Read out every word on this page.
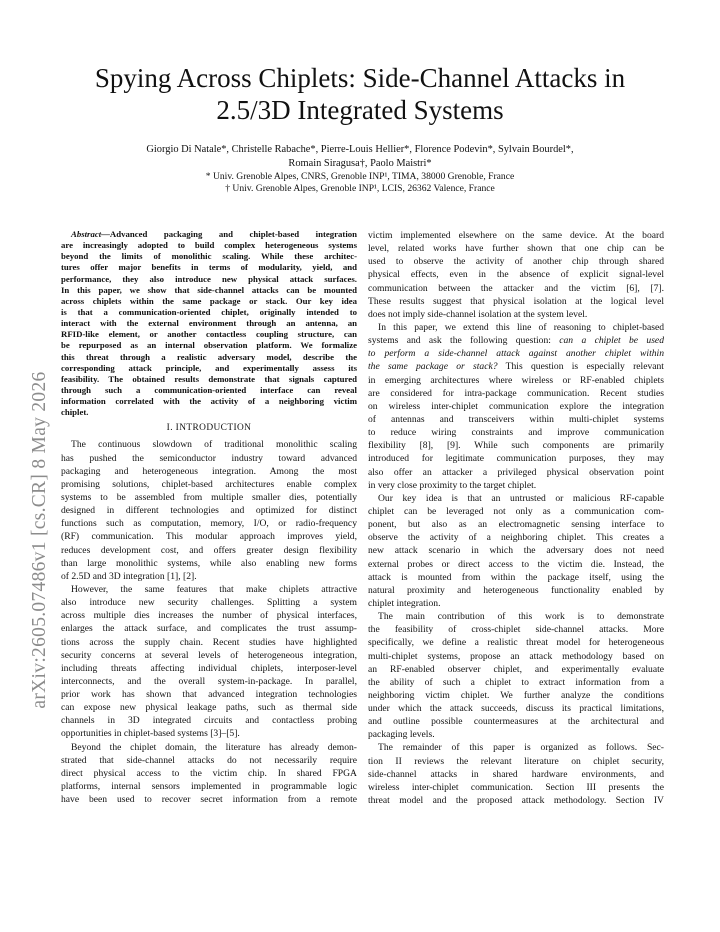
arXiv:2605.07486v1 [cs.CR] 8 May 2026
Spying Across Chiplets: Side-Channel Attacks in
2.5/3D Integrated Systems
Giorgio Di Natale*, Christelle Rabache*, Pierre-Louis Hellier*, Florence Podevin*, Sylvain Bourdel*,
Romain Siragusa†, Paolo Maistri*
* Univ. Grenoble Alpes, CNRS, Grenoble INP¹, TIMA, 38000 Grenoble, France
† Univ. Grenoble Alpes, Grenoble INP¹, LCIS, 26362 Valence, France
Abstract—Advanced packaging and chiplet-based integration
are increasingly adopted to build complex heterogeneous systems
beyond the limits of monolithic scaling. While these architec-
tures offer major benefits in terms of modularity, yield, and
performance, they also introduce new physical attack surfaces.
In this paper, we show that side-channel attacks can be mounted
across chiplets within the same package or stack. Our key idea
is that a communication-oriented chiplet, originally intended to
interact with the external environment through an antenna, an
RFID-like element, or another contactless coupling structure, can
be repurposed as an internal observation platform. We formalize
this threat through a realistic adversary model, describe the
corresponding attack principle, and experimentally assess its
feasibility. The obtained results demonstrate that signals captured
through such a communication-oriented interface can reveal
information correlated with the activity of a neighboring victim
chiplet.
I. INTRODUCTION
The continuous slowdown of traditional monolithic scaling
has pushed the semiconductor industry toward advanced
packaging and heterogeneous integration. Among the most
promising solutions, chiplet-based architectures enable complex
systems to be assembled from multiple smaller dies, potentially
designed in different technologies and optimized for distinct
functions such as computation, memory, I/O, or radio-frequency
(RF) communication. This modular approach improves yield,
reduces development cost, and offers greater design flexibility
than large monolithic systems, while also enabling new forms
of 2.5D and 3D integration [1], [2].
However, the same features that make chiplets attractive
also introduce new security challenges. Splitting a system
across multiple dies increases the number of physical interfaces,
enlarges the attack surface, and complicates the trust assump-
tions across the supply chain. Recent studies have highlighted
security concerns at several levels of heterogeneous integration,
including threats affecting individual chiplets, interposer-level
interconnects, and the overall system-in-package. In parallel,
prior work has shown that advanced integration technologies
can expose new physical leakage paths, such as thermal side
channels in 3D integrated circuits and contactless probing
opportunities in chiplet-based systems [3]–[5].
Beyond the chiplet domain, the literature has already demon-
strated that side-channel attacks do not necessarily require
direct physical access to the victim chip. In shared FPGA
platforms, internal sensors implemented in programmable logic
have been used to recover secret information from a remote
victim implemented elsewhere on the same device. At the board
level, related works have further shown that one chip can be
used to observe the activity of another chip through shared
physical effects, even in the absence of explicit signal-level
communication between the attacker and the victim [6], [7].
These results suggest that physical isolation at the logical level
does not imply side-channel isolation at the system level.
In this paper, we extend this line of reasoning to chiplet-based
systems and ask the following question: can a chiplet be used
to perform a side-channel attack against another chiplet within
the same package or stack? This question is especially relevant
in emerging architectures where wireless or RF-enabled chiplets
are considered for intra-package communication. Recent studies
on wireless inter-chiplet communication explore the integration
of antennas and transceivers within multi-chiplet systems
to reduce wiring constraints and improve communication
flexibility [8], [9]. While such components are primarily
introduced for legitimate communication purposes, they may
also offer an attacker a privileged physical observation point
in very close proximity to the target chiplet.
Our key idea is that an untrusted or malicious RF-capable
chiplet can be leveraged not only as a communication com-
ponent, but also as an electromagnetic sensing interface to
observe the activity of a neighboring chiplet. This creates a
new attack scenario in which the adversary does not need
external probes or direct access to the victim die. Instead, the
attack is mounted from within the package itself, using the
natural proximity and heterogeneous functionality enabled by
chiplet integration.
The main contribution of this work is to demonstrate
the feasibility of cross-chiplet side-channel attacks. More
specifically, we define a realistic threat model for heterogeneous
multi-chiplet systems, propose an attack methodology based on
an RF-enabled observer chiplet, and experimentally evaluate
the ability of such a chiplet to extract information from a
neighboring victim chiplet. We further analyze the conditions
under which the attack succeeds, discuss its practical limitations,
and outline possible countermeasures at the architectural and
packaging levels.
The remainder of this paper is organized as follows. Sec-
tion II reviews the relevant literature on chiplet security,
side-channel attacks in shared hardware environments, and
wireless inter-chiplet communication. Section III presents the
threat model and the proposed attack methodology. Section IV
